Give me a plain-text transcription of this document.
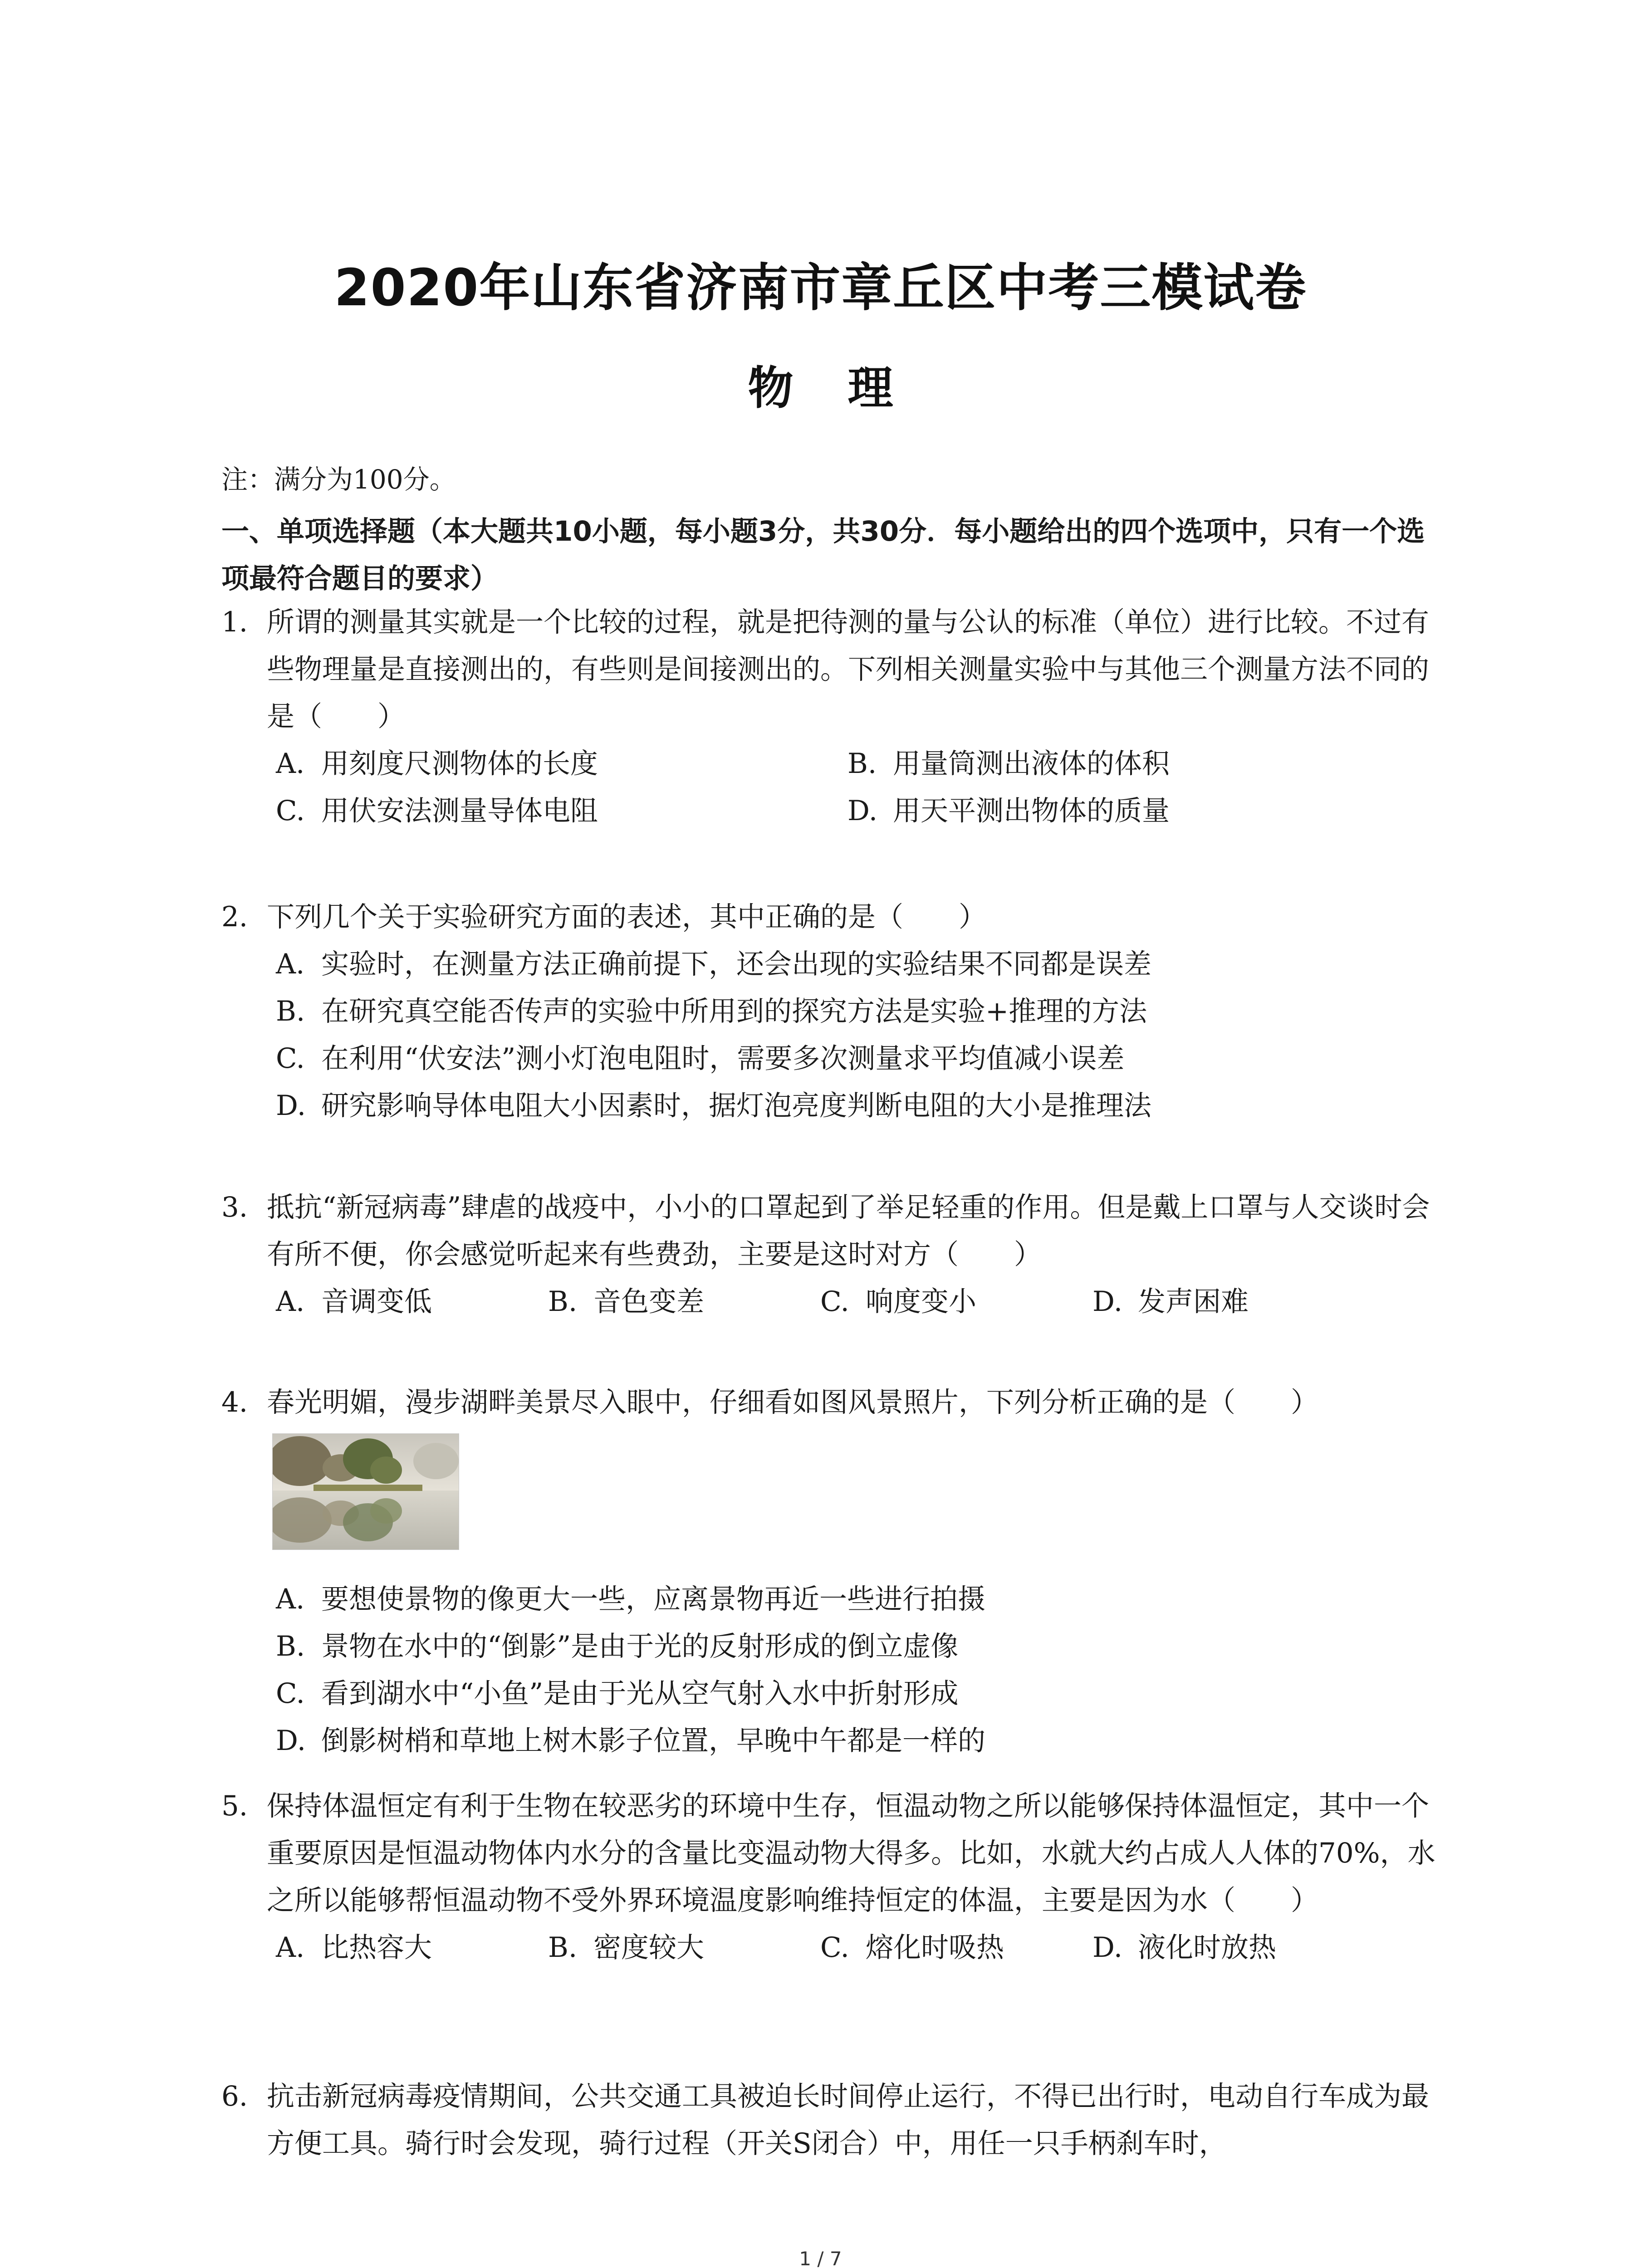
2020年山东省济南市章丘区中考三模试卷
物理
注：满分为100分。
一、单项选择题（本大题共10小题，每小题3分，共30分．每小题给出的四个选项中，只有一个选项最符合题目的要求）
1. 所谓的测量其实就是一个比较的过程，就是把待测的量与公认的标准（单位）进行比较。不过有些物理量是直接测出的，有些则是间接测出的。下列相关测量实验中与其他三个测量方法不同的是（　　）
A. 用刻度尺测物体的长度	B. 用量筒测出液体的体积
C. 用伏安法测量导体电阻	D. 用天平测出物体的质量
2. 下列几个关于实验研究方面的表述，其中正确的是（　　）
A. 实验时，在测量方法正确前提下，还会出现的实验结果不同都是误差
B. 在研究真空能否传声的实验中所用到的探究方法是实验+推理的方法
C. 在利用“伏安法”测小灯泡电阻时，需要多次测量求平均值减小误差
D. 研究影响导体电阻大小因素时，据灯泡亮度判断电阻的大小是推理法
3. 抵抗“新冠病毒”肆虐的战疫中，小小的口罩起到了举足轻重的作用。但是戴上口罩与人交谈时会有所不便，你会感觉听起来有些费劲，主要是这时对方（　　）
A. 音调变低	B. 音色变差	C. 响度变小	D. 发声困难
4. 春光明媚，漫步湖畔美景尽入眼中，仔细看如图风景照片，下列分析正确的是（　　）
A. 要想使景物的像更大一些，应离景物再近一些进行拍摄
B. 景物在水中的“倒影”是由于光的反射形成的倒立虚像
C. 看到湖水中“小鱼”是由于光从空气射入水中折射形成
D. 倒影树梢和草地上树木影子位置，早晚中午都是一样的
5. 保持体温恒定有利于生物在较恶劣的环境中生存，恒温动物之所以能够保持体温恒定，其中一个重要原因是恒温动物体内水分的含量比变温动物大得多。比如，水就大约占成人人体的70%，水之所以能够帮恒温动物不受外界环境温度影响维持恒定的体温，主要是因为水（　　）
A. 比热容大	B. 密度较大	C. 熔化时吸热	D. 液化时放热
6. 抗击新冠病毒疫情期间，公共交通工具被迫长时间停止运行，不得已出行时，电动自行车成为最方便工具。骑行时会发现，骑行过程（开关S闭合）中，用任一只手柄刹车时，
1 / 7
